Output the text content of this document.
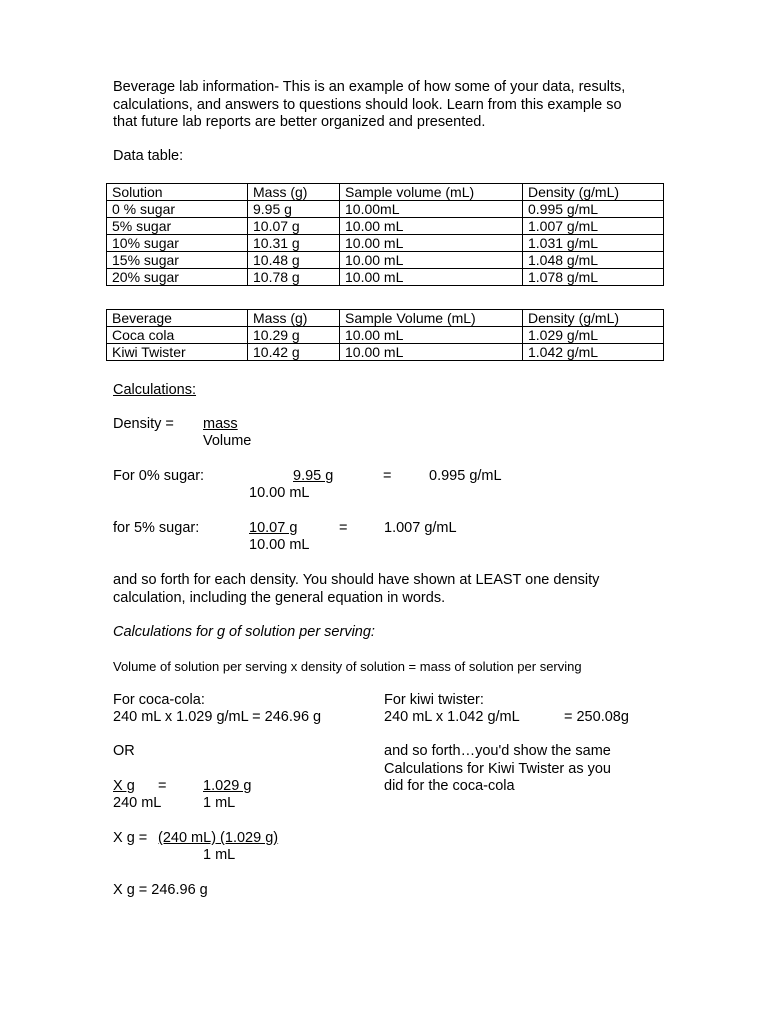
Beverage lab information- This is an example of how some of your data, results,
calculations, and answers to questions should look. Learn from this example so
that future lab reports are better organized and presented.
Data table:
Solution	Mass (g)	Sample volume (mL)	Density (g/mL)
0 % sugar	9.95 g	10.00mL	0.995 g/mL
5% sugar	10.07 g	10.00 mL	1.007 g/mL
10% sugar	10.31 g	10.00 mL	1.031 g/mL
15% sugar	10.48 g	10.00 mL	1.048 g/mL
20% sugar	10.78 g	10.00 mL	1.078 g/mL
Beverage	Mass (g)	Sample Volume (mL)	Density (g/mL)
Coca cola	10.29 g	10.00 mL	1.029 g/mL
Kiwi Twister	10.42 g	10.00 mL	1.042 g/mL
Calculations:
Density = mass
Volume
For 0% sugar:	9.95 g	=	0.995 g/mL
10.00 mL
for 5% sugar:	10.07 g	=	1.007 g/mL
10.00 mL
and so forth for each density. You should have shown at LEAST one density
calculation, including the general equation in words.
Calculations for g of solution per serving:
Volume of solution per serving x density of solution = mass of solution per serving
For coca-cola:
240 mL x 1.029 g/mL = 246.96 g
For kiwi twister:
240 mL x 1.042 g/mL	= 250.08g
OR	and so forth…you'd show the same
Calculations for Kiwi Twister as you
did for the coca-cola
X g	=	1.029 g
240 mL	1 mL
X g = (240 mL) (1.029 g)
1 mL
X g = 246.96 g
